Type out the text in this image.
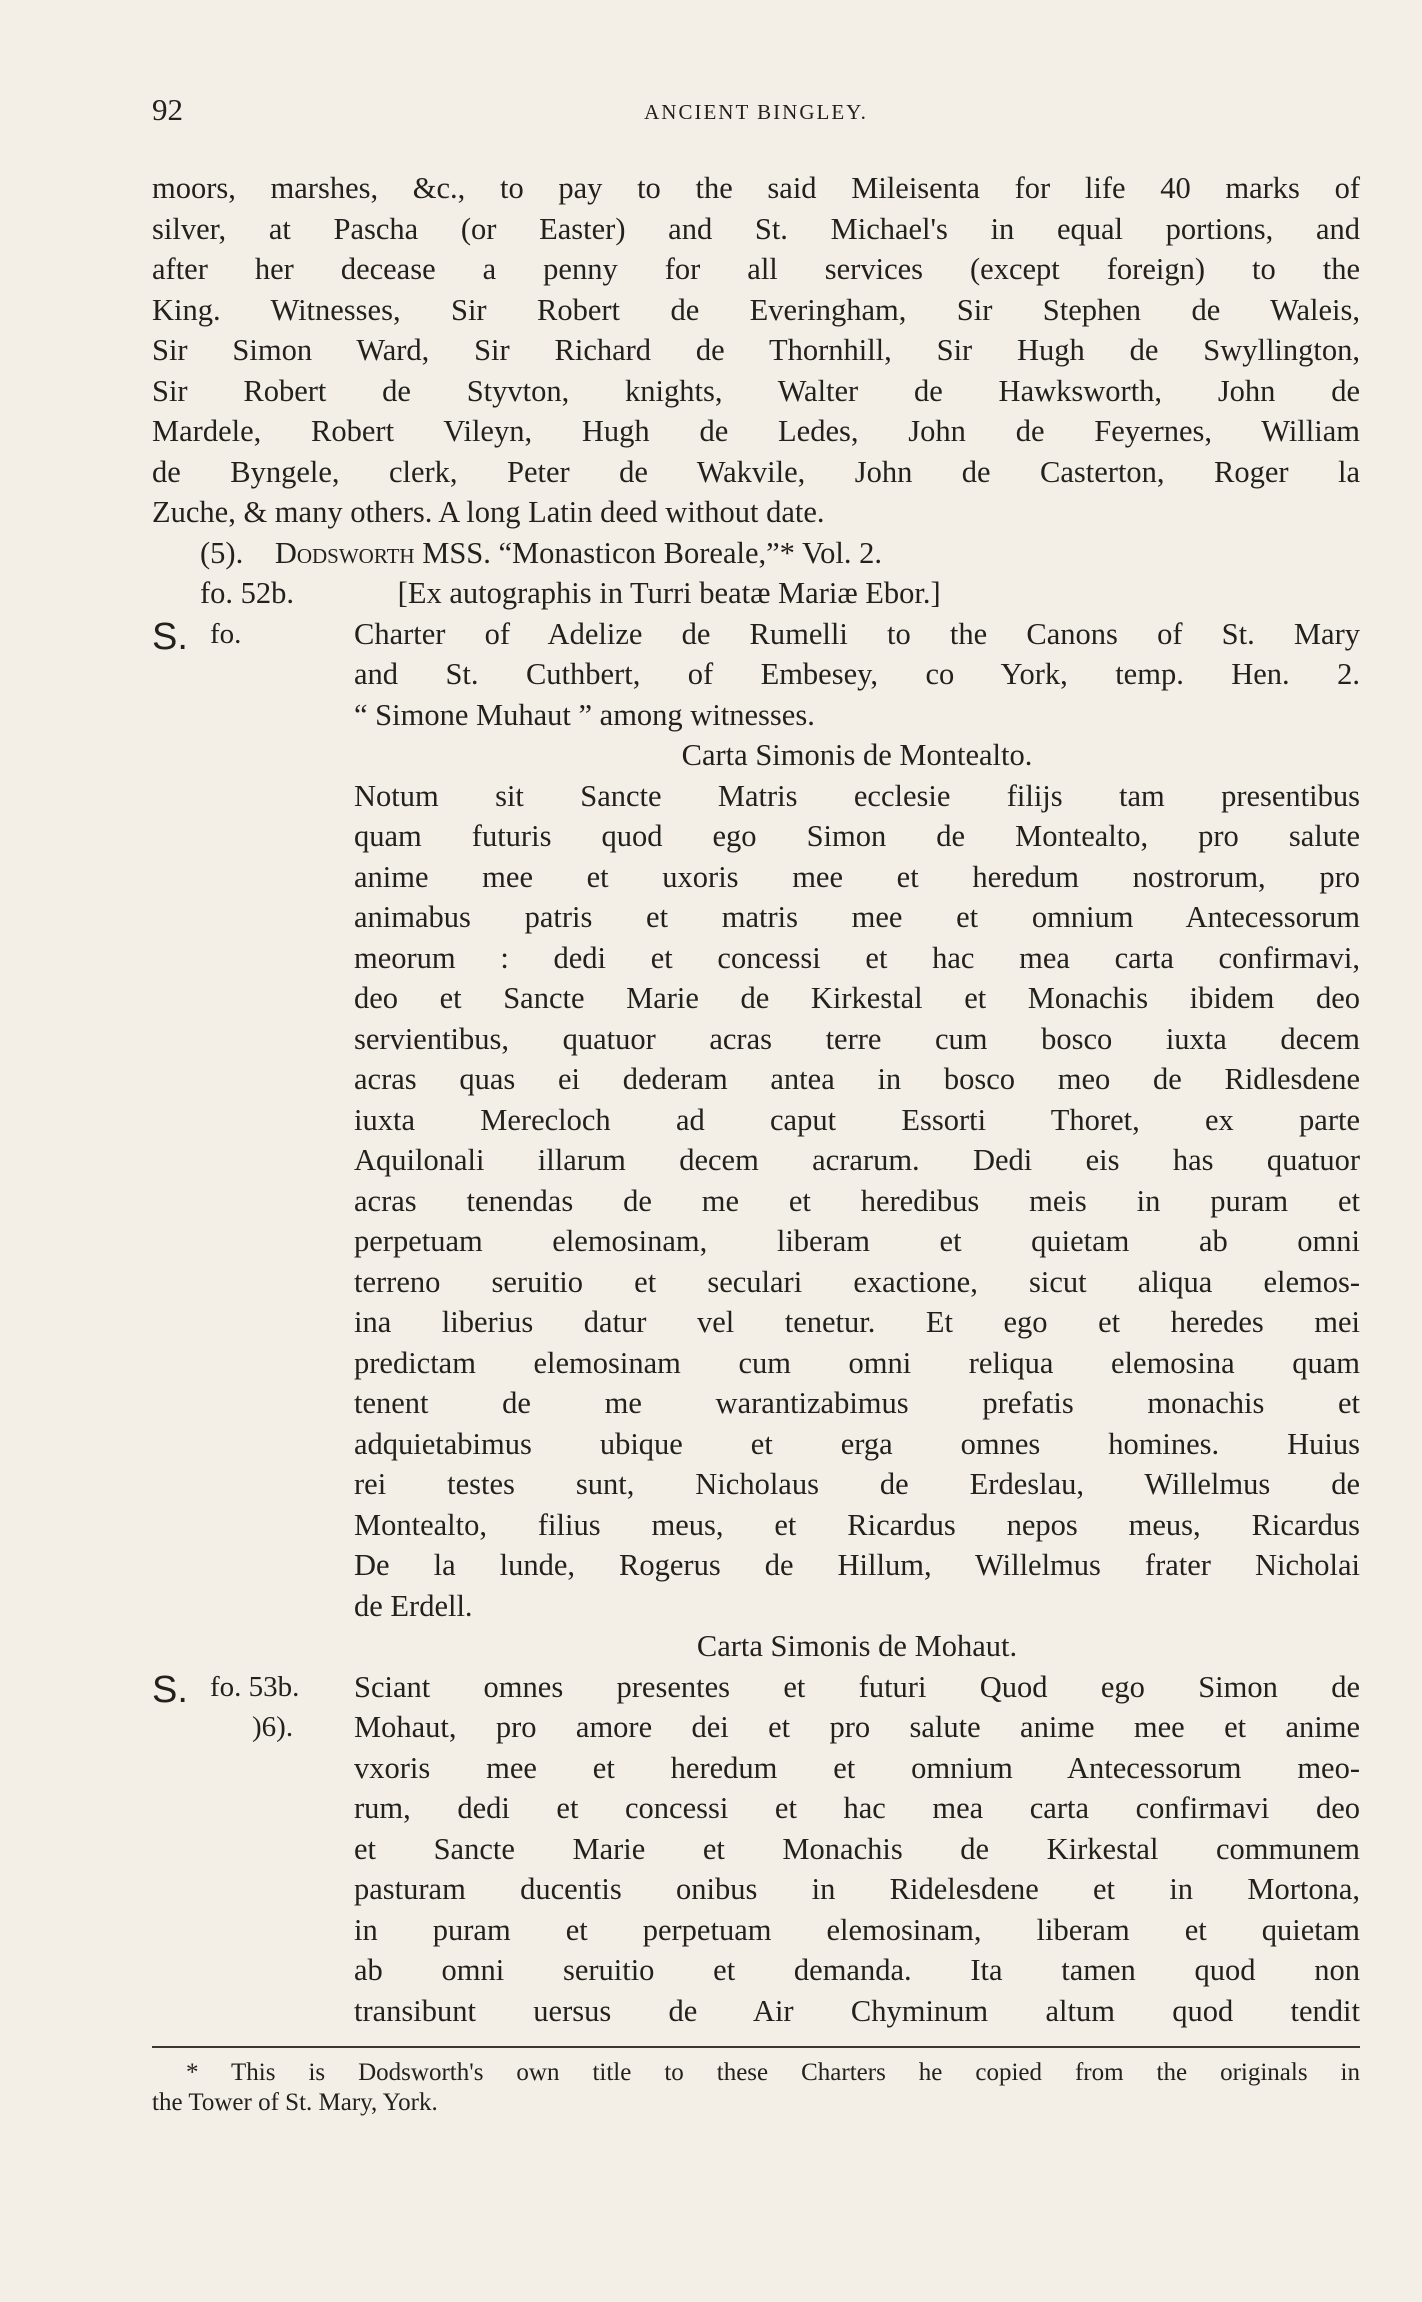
92	ANCIENT BINGLEY.
moors, marshes, &c., to pay to the said Mileisenta for life 40 marks of
silver, at Pascha (or Easter) and St. Michael's in equal portions, and
after her decease a penny for all services (except foreign) to the
King. Witnesses, Sir Robert de Everingham, Sir Stephen de Waleis,
Sir Simon Ward, Sir Richard de Thornhill, Sir Hugh de Swyllington,
Sir Robert de Styvton, knights, Walter de Hawksworth, John de
Mardele, Robert Vileyn, Hugh de Ledes, John de Feyernes, William
de Byngele, clerk, Peter de Wakvile, John de Casterton, Roger la
Zuche, & many others. A long Latin deed without date.
(5). Dodsworth MSS. “Monasticon Boreale,”* Vol. 2.
fo. 52b.	[Ex autographis in Turri beatæ Mariæ Ebor.]
S. fo.	Charter of Adelize de Rumelli to the Canons of St. Mary
and St. Cuthbert, of Embesey, co York, temp. Hen. 2.
“ Simone Muhaut ” among witnesses.
Carta Simonis de Montealto.
Notum sit Sancte Matris ecclesie filijs tam presentibus
quam futuris quod ego Simon de Montealto, pro salute
anime mee et uxoris mee et heredum nostrorum, pro
animabus patris et matris mee et omnium Antecessorum
meorum : dedi et concessi et hac mea carta confirmavi,
deo et Sancte Marie de Kirkestal et Monachis ibidem deo
servientibus, quatuor acras terre cum bosco iuxta decem
acras quas ei dederam antea in bosco meo de Ridlesdene
iuxta Merecloch ad caput Essorti Thoret, ex parte
Aquilonali illarum decem acrarum. Dedi eis has quatuor
acras tenendas de me et heredibus meis in puram et
perpetuam elemosinam, liberam et quietam ab omni
terreno seruitio et seculari exactione, sicut aliqua elemos-
ina liberius datur vel tenetur. Et ego et heredes mei
predictam elemosinam cum omni reliqua elemosina quam
tenent de me warantizabimus prefatis monachis et
adquietabimus ubique et erga omnes homines. Huius
rei testes sunt, Nicholaus de Erdeslau, Willelmus de
Montealto, filius meus, et Ricardus nepos meus, Ricardus
De la lunde, Rogerus de Hillum, Willelmus frater Nicholai
de Erdell.
Carta Simonis de Mohaut.
S. fo. 53b.
)6).
Sciant omnes presentes et futuri Quod ego Simon de
Mohaut, pro amore dei et pro salute anime mee et anime
vxoris mee et heredum et omnium Antecessorum meo-
rum, dedi et concessi et hac mea carta confirmavi deo
et Sancte Marie et Monachis de Kirkestal communem
pasturam ducentis onibus in Ridelesdene et in Mortona,
in puram et perpetuam elemosinam, liberam et quietam
ab omni seruitio et demanda. Ita tamen quod non
transibunt uersus de Air Chyminum altum quod tendit
* This is Dodsworth's own title to these Charters he copied from the originals in
the Tower of St. Mary, York.
